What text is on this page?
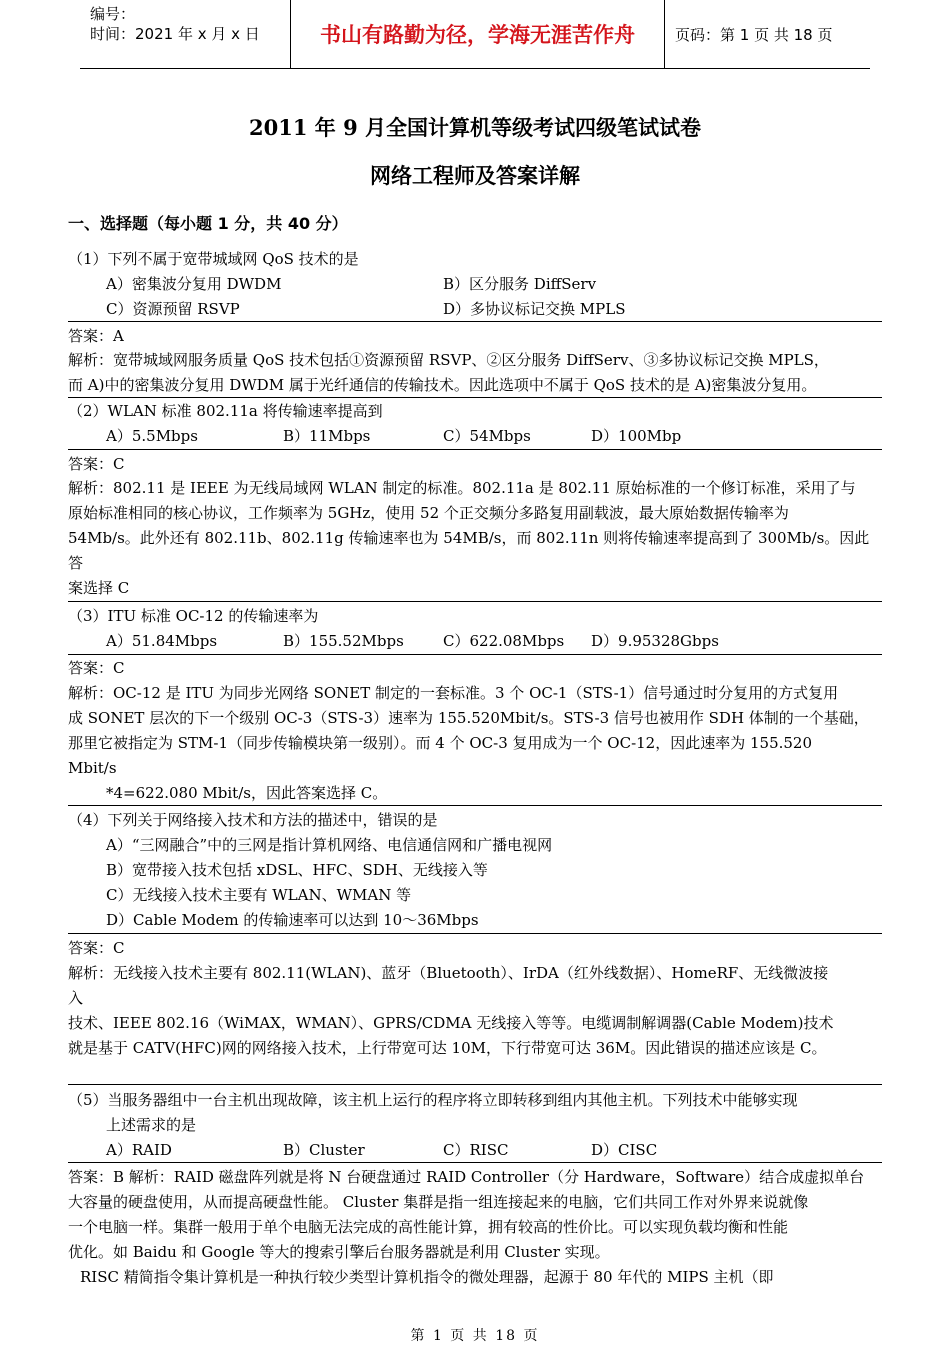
编号：
时间：2021 年 x 月 x 日	书山有路勤为径，学海无涯苦作舟	页码：第 1 页 共 18 页
2011 年 9 月全国计算机等级考试四级笔试试卷
网络工程师及答案详解
一、选择题（每小题 1 分，共 40 分）
（1）下列不属于宽带城域网 QoS 技术的是
A）密集波分复用 DWDM	B）区分服务 DiffServ
C）资源预留 RSVP	D）多协议标记交换 MPLS
答案：A
解析：宽带城域网服务质量 QoS 技术包括①资源预留 RSVP、②区分服务 DiffServ、③多协议标记交换 MPLS，
而 A)中的密集波分复用 DWDM 属于光纤通信的传输技术。因此选项中不属于 QoS 技术的是 A)密集波分复用。
（2）WLAN 标准 802.11a 将传输速率提高到
A）5.5Mbps	B）11Mbps	C）54Mbps	D）100Mbp
答案：C
解析：802.11 是 IEEE 为无线局域网 WLAN 制定的标准。802.11a 是 802.11 原始标准的一个修订标准，采用了与
原始标准相同的核心协议，工作频率为 5GHz，使用 52 个正交频分多路复用副载波，最大原始数据传输率为
54Mb/s。此外还有 802.11b、802.11g 传输速率也为 54MB/s，而 802.11n 则将传输速率提高到了 300Mb/s。因此
答
案选择 C
（3）ITU 标准 OC-12 的传输速率为
A）51.84Mbps	B）155.52Mbps	C）622.08Mbps D）9.95328Gbps
答案：C
解析：OC-12 是 ITU 为同步光网络 SONET 制定的一套标准。3 个 OC-1（STS-1）信号通过时分复用的方式复用
成 SONET 层次的下一个级别 OC-3（STS-3）速率为 155.520Mbit/s。STS-3 信号也被用作 SDH 体制的一个基础，
那里它被指定为 STM-1（同步传输模块第一级别）。而 4 个 OC-3 复用成为一个 OC-12，因此速率为 155.520
Mbit/s
*4=622.080 Mbit/s，因此答案选择 C。
（4）下列关于网络接入技术和方法的描述中，错误的是
A）“三网融合”中的三网是指计算机网络、电信通信网和广播电视网
B）宽带接入技术包括 xDSL、HFC、SDH、无线接入等
C）无线接入技术主要有 WLAN、WMAN 等
D）Cable Modem 的传输速率可以达到 10～36Mbps
答案：C
解析：无线接入技术主要有 802.11(WLAN)、蓝牙（Bluetooth）、IrDA（红外线数据）、HomeRF、无线微波接
入
技术、IEEE 802.16（WiMAX，WMAN）、GPRS/CDMA 无线接入等等。电缆调制解调器(Cable Modem)技术
就是基于 CATV(HFC)网的网络接入技术，上行带宽可达 10M，下行带宽可达 36M。因此错误的描述应该是 C。
（5）当服务器组中一台主机出现故障，该主机上运行的程序将立即转移到组内其他主机。下列技术中能够实现
上述需求的是
A）RAID	B）Cluster	C）RISC	D）CISC
答案：B 解析：RAID 磁盘阵列就是将 N 台硬盘通过 RAID Controller（分 Hardware，Software）结合成虚拟单台
大容量的硬盘使用，从而提高硬盘性能。 Cluster 集群是指一组连接起来的电脑，它们共同工作对外界来说就像
一个电脑一样。集群一般用于单个电脑无法完成的高性能计算，拥有较高的性价比。可以实现负载均衡和性能
优化。如 Baidu 和 Google 等大的搜索引擎后台服务器就是利用 Cluster 实现。
RISC 精简指令集计算机是一种执行较少类型计算机指令的微处理器，起源于 80 年代的 MIPS 主机（即
第 1 页 共 18 页
